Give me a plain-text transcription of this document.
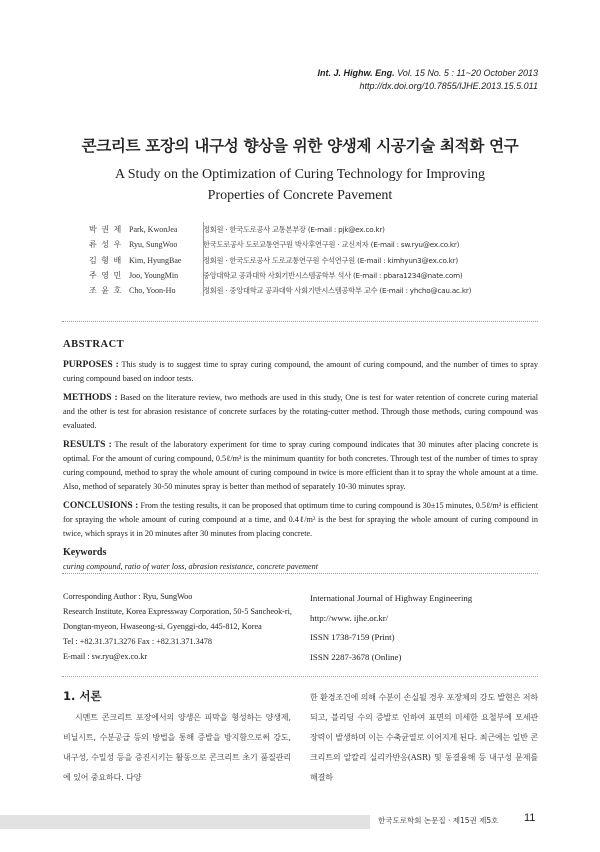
Int. J. Highw. Eng. Vol. 15 No. 5 : 11~20 October 2013
http://dx.doi.org/10.7855/IJHE.2013.15.5.011
콘크리트 포장의 내구성 향상을 위한 양생제 시공기술 최적화 연구
A Study on the Optimization of Curing Technology for Improving Properties of Concrete Pavement
박 권 제 Park, KwonJea	정회원 · 한국도로공사 교통본부장 (E-mail : pjk@ex.co.kr)
류 성 우 Ryu, SungWoo	한국도로공사 도로교통연구원 박사후연구원 · 교신저자 (E-mail : sw.ryu@ex.co.kr)
김 형 배 Kim, HyungBae	정회원 · 한국도로공사 도로교통연구원 수석연구원 (E-mail : kimhyun3@ex.co.kr)
주 영 민 Joo, YoungMin	중앙대학교 공과대학 사회기반시스템공학부 석사 (E-mail : pbara1234@nate.com)
조 윤 호 Cho, Yoon-Ho	정회원 · 중앙대학교 공과대학 사회기반시스템공학부 교수 (E-mail : yhcho@cau.ac.kr)
ABSTRACT

PURPOSES : This study is to suggest time to spray curing compound, the amount of curing compound, and the number of times to spray curing compound based on indoor tests.

METHODS : Based on the literature review, two methods are used in this study, One is test for water retention of concrete curing material and the other is test for abrasion resistance of concrete surfaces by the rotating-cutter method. Through those methods, curing compound was evaluated.

RESULTS : The result of the laboratory experiment for time to spray curing compound indicates that 30 minutes after placing concrete is optimal. For the amount of curing compound, 0.5ℓ/m² is the minimum quantity for both concretes. Through test of the number of times to spray curing compound, method to spray the whole amount of curing compound in twice is more efficient than it to spray the whole amount at a time. Also, method of separately 30-50 minutes spray is better than method of separately 10-30 minutes spray.

CONCLUSIONS : From the testing results, it can be proposed that optimum time to curing compound is 30±15 minutes, 0.5ℓ/m² is efficient for spraying the whole amount of curing compound at a time, and 0.4ℓ/m² is the best for spraying the whole amount of curing compound in twice, which sprays it in 20 minutes after 30 minutes from placing concrete.

Keywords
curing compound, ratio of water loss, abrasion resistance, concrete pavement
Corresponding Author : Ryu, SungWoo
Research Institute, Korea Expressway Corporation, 50-5 Sancheok-ri,
Dongtan-myeon, Hwaseong-si, Gyenggi-do, 445-812, Korea
Tel : +82.31.371.3276 Fax : +82.31.371.3478
E-mail : sw.ryu@ex.co.kr
International Journal of Highway Engineering
http://www. ijhe.or.kr/
ISSN 1738-7159 (Print)
ISSN 2287-3678 (Online)
1. 서론
시멘트 콘크리트 포장에서의 양생은 피막을 형성하는 양생제, 비닐시트, 수분공급 등의 방법을 통해 증발을 방지함으로써 강도, 내구성, 수밀성 등을 증진시키는 활동으로 콘크리트 초기 품질관리에 있어 중요하다. 다양
한 환경조건에 의해 수분이 손실될 경우 포장체의 강도 발현은 저하되고, 블리딩 수의 증발로 인하여 표면의 미세한 요철부에 모세관 장력이 발생하며 이는 수축균열로 이어지게 된다. 최근에는 일반 콘크리트의 알칼리 실리카반응(ASR) 및 동결융해 등 내구성 문제를 해결하
한국도로학회 논문집 · 제15권 제5호 11
